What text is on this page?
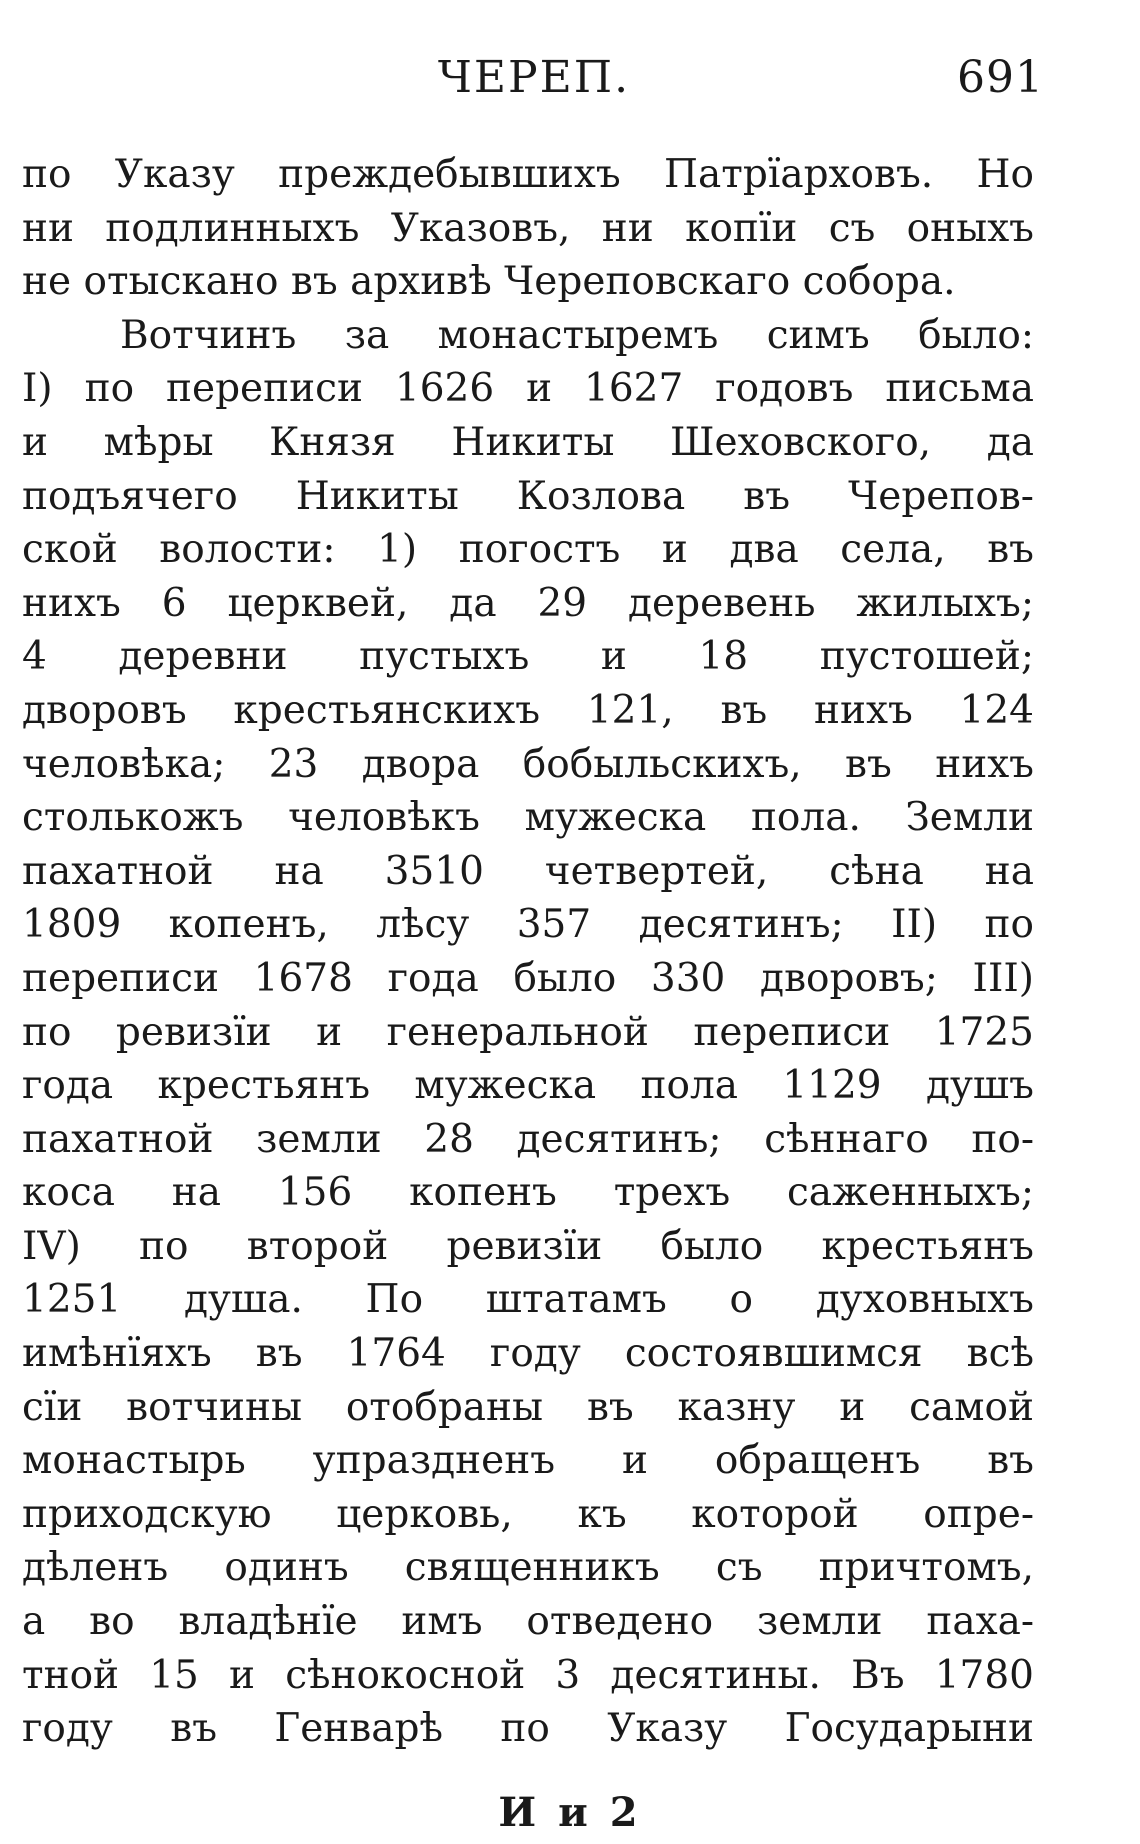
ЧЕРЕП.	691
по Указу преждебывшихъ Патрїарховъ. Но
ни подлинныхъ Указовъ, ни копїи съ оныхъ
не отыскано въ архивѣ Череповскаго собора.
Вотчинъ за монастыремъ симъ было:
I) по переписи 1626 и 1627 годовъ письма
и мѣры Князя Никиты Шеховского, да
подъячего Никиты Козлова въ Черепов-
ской волости: 1) погостъ и два села, въ
нихъ 6 церквей, да 29 деревень жилыхъ;
4 деревни пустыхъ и 18 пустошей;
дворовъ крестьянскихъ 121, въ нихъ 124
человѣка; 23 двора бобыльскихъ, въ нихъ
столькожъ человѣкъ мужеска пола. Земли
пахатной на 3510 четвертей, сѣна на
1809 копенъ, лѣсу 357 десятинъ; II) по
переписи 1678 года было 330 дворовъ; III)
по ревизїи и генеральной переписи 1725
года крестьянъ мужеска пола 1129 душъ
пахатной земли 28 десятинъ; сѣннаго по-
коса на 156 копенъ трехъ саженныхъ;
IV) по второй ревизїи было крестьянъ
1251 душа. По штатамъ о духовныхъ
имѣнїяхъ въ 1764 году состоявшимся всѣ
сїи вотчины отобраны въ казну и самой
монастырь упраздненъ и обращенъ въ
приходскую церковь, къ которой опре-
дѣленъ одинъ священникъ съ причтомъ,
а во владѣнїе имъ отведено земли паха-
тной 15 и сѣнокосной 3 десятины. Въ 1780
году въ Генварѣ по Указу Государыни
И и 2
